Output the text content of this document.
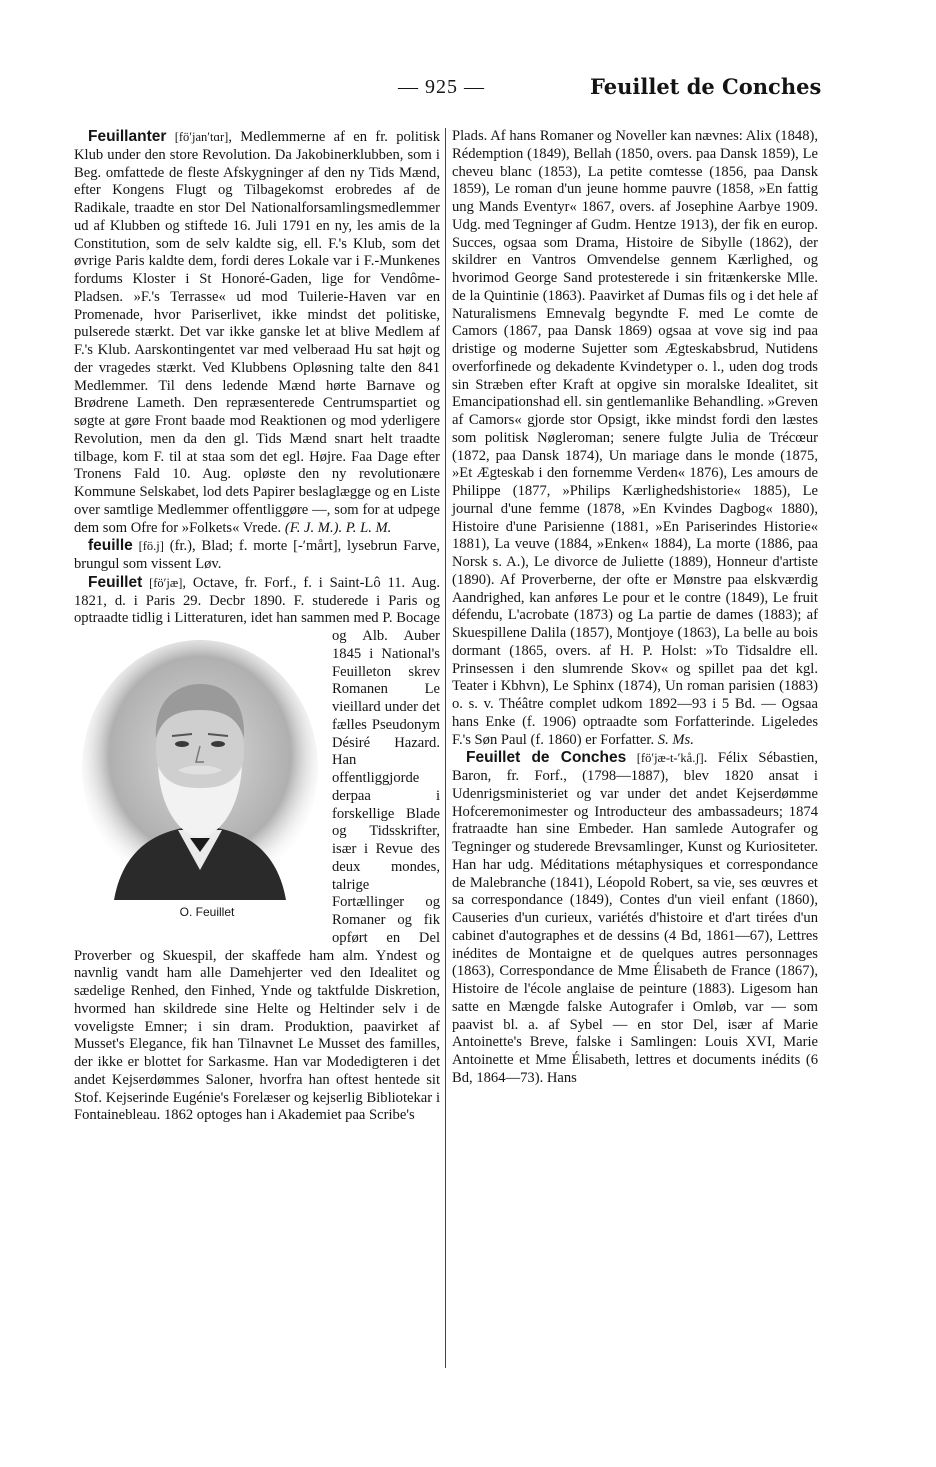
— 925 —	Feuillet de Conches

Feuillanter [fö′jan′tɑr], Medlemmerne af en fr. politisk Klub under den store Revolution. Da Jakobinerklubben, som i Beg. omfattede de fleste Afskygninger af den ny Tids Mænd, efter Kongens Flugt og Tilbagekomst erobredes af de Radikale, traadte en stor Del Nationalforsamlingsmedlemmer ud af Klubben og stiftede 16. Juli 1791 en ny, les amis de la Constitution, som de selv kaldte sig, ell. F.'s Klub, som det øvrige Paris kaldte dem, fordi deres Lokale var i F.-Munkenes fordums Kloster i St Honoré-Gaden, lige for Vendôme-Pladsen. »F.'s Terrasse« ud mod Tuilerie-Haven var en Promenade, hvor Pariserlivet, ikke mindst det politiske, pulserede stærkt. Det var ikke ganske let at blive Medlem af F.'s Klub. Aarskontingentet var med velberaad Hu sat højt og der vragedes stærkt. Ved Klubbens Opløsning talte den 841 Medlemmer. Til dens ledende Mænd hørte Barnave og Brødrene Lameth. Den repræsenterede Centrumspartiet og søgte at gøre Front baade mod Reaktionen og mod yderligere Revolution, men da den gl. Tids Mænd snart helt traadte tilbage, kom F. til at staa som det egl. Højre. Faa Dage efter Tronens Fald 10. Aug. opløste den ny revolutionære Kommune Selskabet, lod dets Papirer beslaglægge og en Liste over samtlige Medlemmer offentliggøre —, som for at udpege dem som Ofre for »Folkets« Vrede. (F. J. M.). P. L. M.

feuille [fö.j] (fr.), Blad; f. morte [-′mårt], lysebrun Farve, brungul som vissent Løv.

Feuillet [fö′jæ], Octave, fr. Forf., f. i Saint-Lô 11. Aug. 1821, d. i Paris 29. Decbr 1890. F. studerede i Paris og optraadte tidlig i Litteraturen, idet han sammen med P. Bocage
O. Feuillet
og Alb. Auber 1845 i National's Feuilleton skrev Romanen Le vieillard under det fælles Pseudonym Désiré Hazard. Han offentliggjorde derpaa i forskellige Blade og Tidsskrifter, især i Revue des deux mondes, talrige Fortællinger og Romaner og fik opført en Del Proverber og Skuespil, der skaffede ham alm. Yndest og navnlig vandt ham alle Damehjerter ved den Idealitet og sædelige Renhed, den Finhed, Ynde og taktfulde Diskretion, hvormed han skildrede sine Helte og Heltinder selv i de voveligste Emner; i sin dram. Produktion, paavirket af Musset's Elegance, fik han Tilnavnet Le Musset des familles, der ikke er blottet for Sarkasme. Han var Modedigteren i det andet Kejserdømmes Saloner, hvorfra han oftest hentede sit Stof. Kejserinde Eugénie's Forelæser og kejserlig Bibliotekar i Fontainebleau. 1862 optoges han i Akademiet paa Scribe's

Plads. Af hans Romaner og Noveller kan nævnes: Alix (1848), Rédemption (1849), Bellah (1850, overs. paa Dansk 1859), Le cheveu blanc (1853), La petite comtesse (1856, paa Dansk 1859), Le roman d'un jeune homme pauvre (1858, »En fattig ung Mands Eventyr« 1867, overs. af Josephine Aarbye 1909. Udg. med Tegninger af Gudm. Hentze 1913), der fik en europ. Succes, ogsaa som Drama, Histoire de Sibylle (1862), der skildrer en Vantros Omvendelse gennem Kærlighed, og hvorimod George Sand protesterede i sin fritænkerske Mlle. de la Quintinie (1863). Paavirket af Dumas fils og i det hele af Naturalismens Emnevalg begyndte F. med Le comte de Camors (1867, paa Dansk 1869) ogsaa at vove sig ind paa dristige og moderne Sujetter som Ægteskabsbrud, Nutidens overforfinede og dekadente Kvindetyper o. l., uden dog trods sin Stræben efter Kraft at opgive sin moralske Idealitet, sit Emancipationshad ell. sin gentlemanlike Behandling. »Greven af Camors« gjorde stor Opsigt, ikke mindst fordi den læstes som politisk Nøgleroman; senere fulgte Julia de Trécœur (1872, paa Dansk 1874), Un mariage dans le monde (1875, »Et Ægteskab i den fornemme Verden« 1876), Les amours de Philippe (1877, »Philips Kærlighedshistorie« 1885), Le journal d'une femme (1878, »En Kvindes Dagbog« 1880), Histoire d'une Parisienne (1881, »En Pariserindes Historie« 1881), La veuve (1884, »Enken« 1884), La morte (1886, paa Norsk s. A.), Le divorce de Juliette (1889), Honneur d'artiste (1890). Af Proverberne, der ofte er Mønstre paa elskværdig Aandrighed, kan anføres Le pour et le contre (1849), Le fruit défendu, L'acrobate (1873) og La partie de dames (1883); af Skuespillene Dalila (1857), Montjoye (1863), La belle au bois dormant (1865, overs. af H. P. Holst: »To Tidsaldre ell. Prinsessen i den slumrende Skov« og spillet paa det kgl. Teater i Kbhvn), Le Sphinx (1874), Un roman parisien (1883) o. s. v. Théâtre complet udkom 1892—93 i 5 Bd. — Ogsaa hans Enke (f. 1906) optraadte som Forfatterinde. Ligeledes F.'s Søn Paul (f. 1860) er Forfatter. S. Ms.

Feuillet de Conches [fö′jæ-t-′kå.ʃ]. Félix Sébastien, Baron, fr. Forf., (1798—1887), blev 1820 ansat i Udenrigsministeriet og var under det andet Kejserdømme Hofceremonimester og Introducteur des ambassadeurs; 1874 fratraadte han sine Embeder. Han samlede Autografer og Tegninger og studerede Brevsamlinger, Kunst og Kuriositeter. Han har udg. Méditations métaphysiques et correspondance de Malebranche (1841), Léopold Robert, sa vie, ses œuvres et sa correspondance (1849), Contes d'un vieil enfant (1860), Causeries d'un curieux, variétés d'histoire et d'art tirées d'un cabinet d'autographes et de dessins (4 Bd, 1861—67), Lettres inédites de Montaigne et de quelques autres personnages (1863), Correspondance de Mme Élisabeth de France (1867), Histoire de l'école anglaise de peinture (1883). Ligesom han satte en Mængde falske Autografer i Omløb, var — som paavist bl. a. af Sybel — en stor Del, især af Marie Antoinette's Breve, falske i Samlingen: Louis XVI, Marie Antoinette et Mme Élisabeth, lettres et documents inédits (6 Bd, 1864—73). Hans
